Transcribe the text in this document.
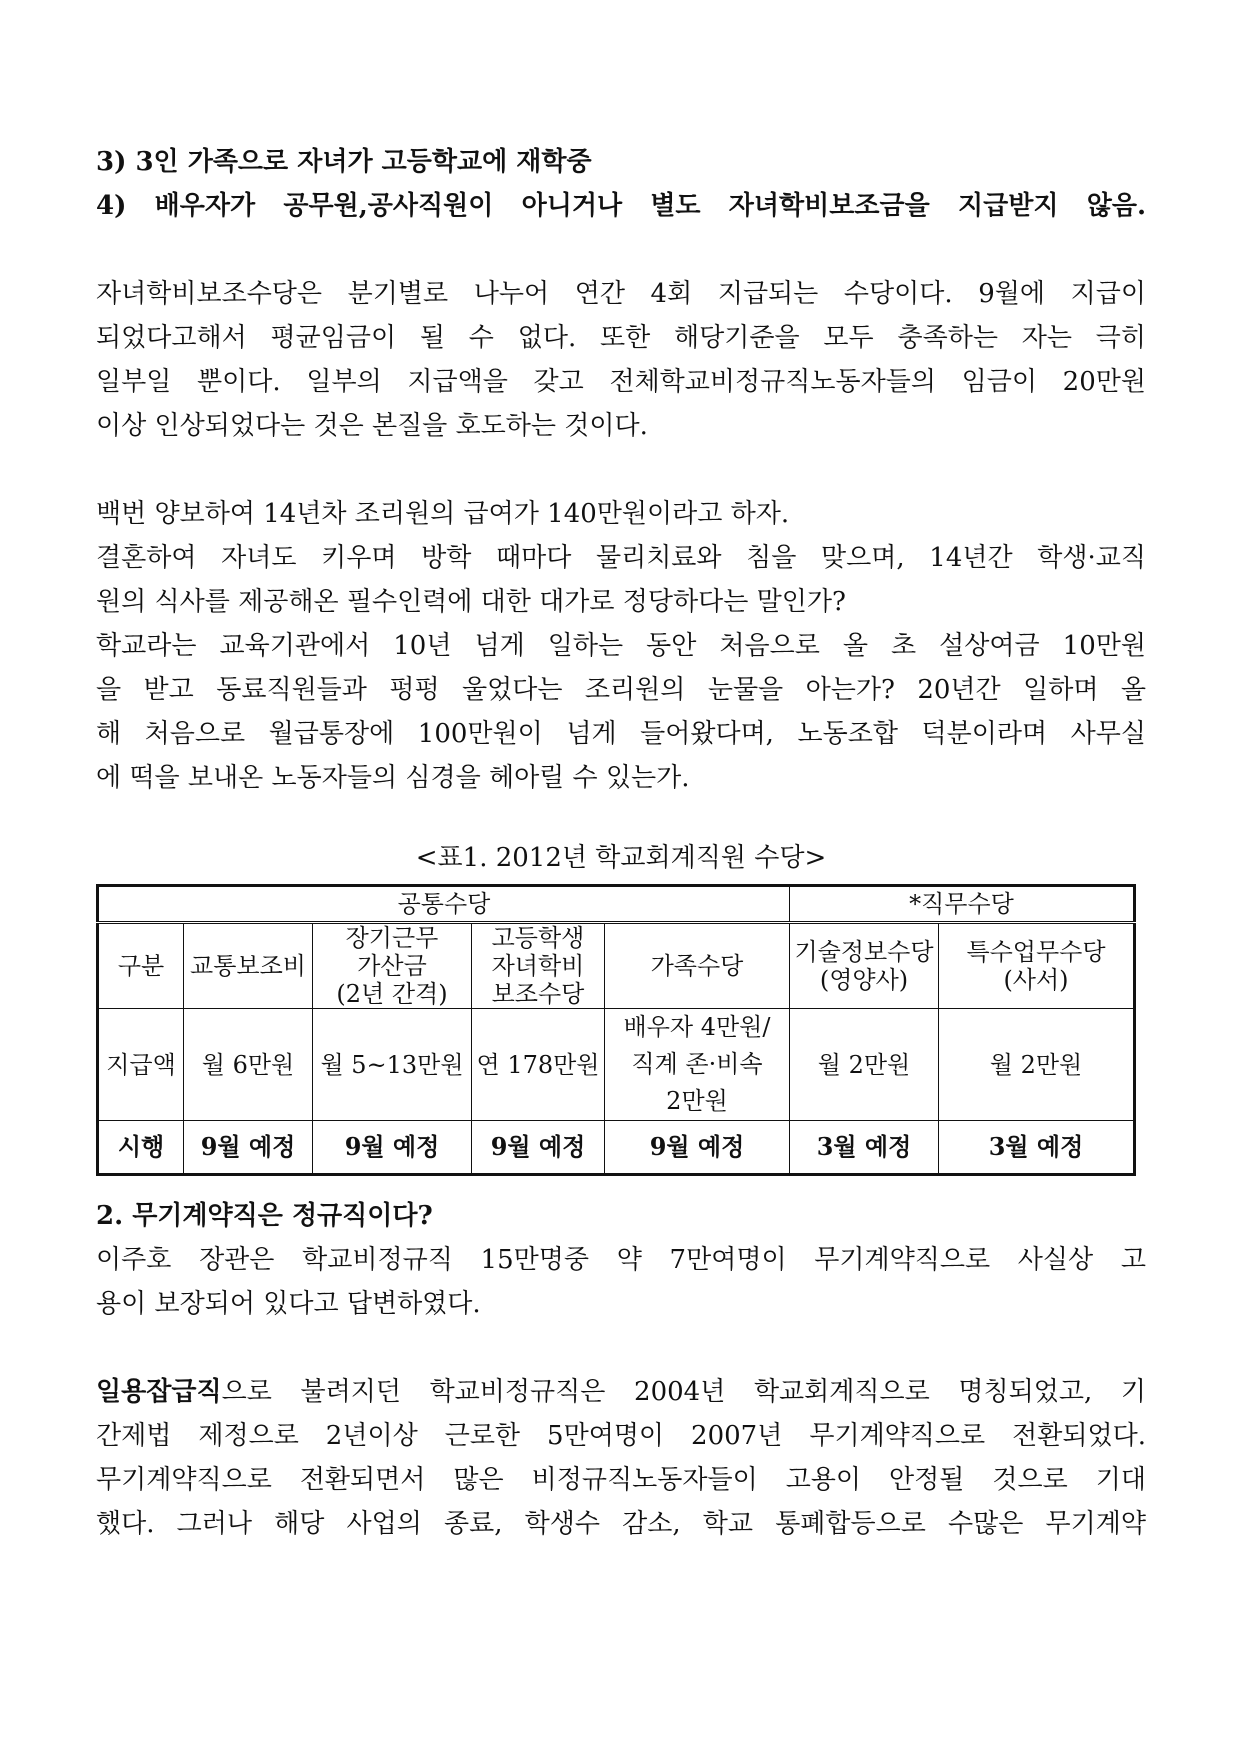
3) 3인 가족으로 자녀가 고등학교에 재학중
4) 배우자가 공무원,공사직원이 아니거나 별도 자녀학비보조금을 지급받지 않음.
자녀학비보조수당은 분기별로 나누어 연간 4회 지급되는 수당이다. 9월에 지급이
되었다고해서 평균임금이 될 수 없다. 또한 해당기준을 모두 충족하는 자는 극히
일부일 뿐이다. 일부의 지급액을 갖고 전체학교비정규직노동자들의 임금이 20만원
이상 인상되었다는 것은 본질을 호도하는 것이다.
백번 양보하여 14년차 조리원의 급여가 140만원이라고 하자.
결혼하여 자녀도 키우며 방학 때마다 물리치료와 침을 맞으며, 14년간 학생·교직
원의 식사를 제공해온 필수인력에 대한 대가로 정당하다는 말인가?
학교라는 교육기관에서 10년 넘게 일하는 동안 처음으로 올 초 설상여금 10만원
을 받고 동료직원들과 펑펑 울었다는 조리원의 눈물을 아는가? 20년간 일하며 올
해 처음으로 월급통장에 100만원이 넘게 들어왔다며, 노동조합 덕분이라며 사무실
에 떡을 보내온 노동자들의 심경을 헤아릴 수 있는가.
<표1. 2012년 학교회계직원 수당>
공통수당					*직무수당	
구분	교통보조비	장기근무
가산금
(2년 간격)	고등학생
자녀학비
보조수당	가족수당	기술정보수당
(영양사)	특수업무수당
(사서)
지급액	월 6만원	월 5~13만원	연 178만원	배우자 4만원/
직계 존·비속
2만원	월 2만원	월 2만원
시행	9월 예정	9월 예정	9월 예정	9월 예정	3월 예정	3월 예정
2. 무기계약직은 정규직이다?
이주호 장관은 학교비정규직 15만명중 약 7만여명이 무기계약직으로 사실상 고
용이 보장되어 있다고 답변하였다.
일용잡급직으로 불려지던 학교비정규직은 2004년 학교회계직으로 명칭되었고, 기
간제법 제정으로 2년이상 근로한 5만여명이 2007년 무기계약직으로 전환되었다.
무기계약직으로 전환되면서 많은 비정규직노동자들이 고용이 안정될 것으로 기대
했다. 그러나 해당 사업의 종료, 학생수 감소, 학교 통폐합등으로 수많은 무기계약
